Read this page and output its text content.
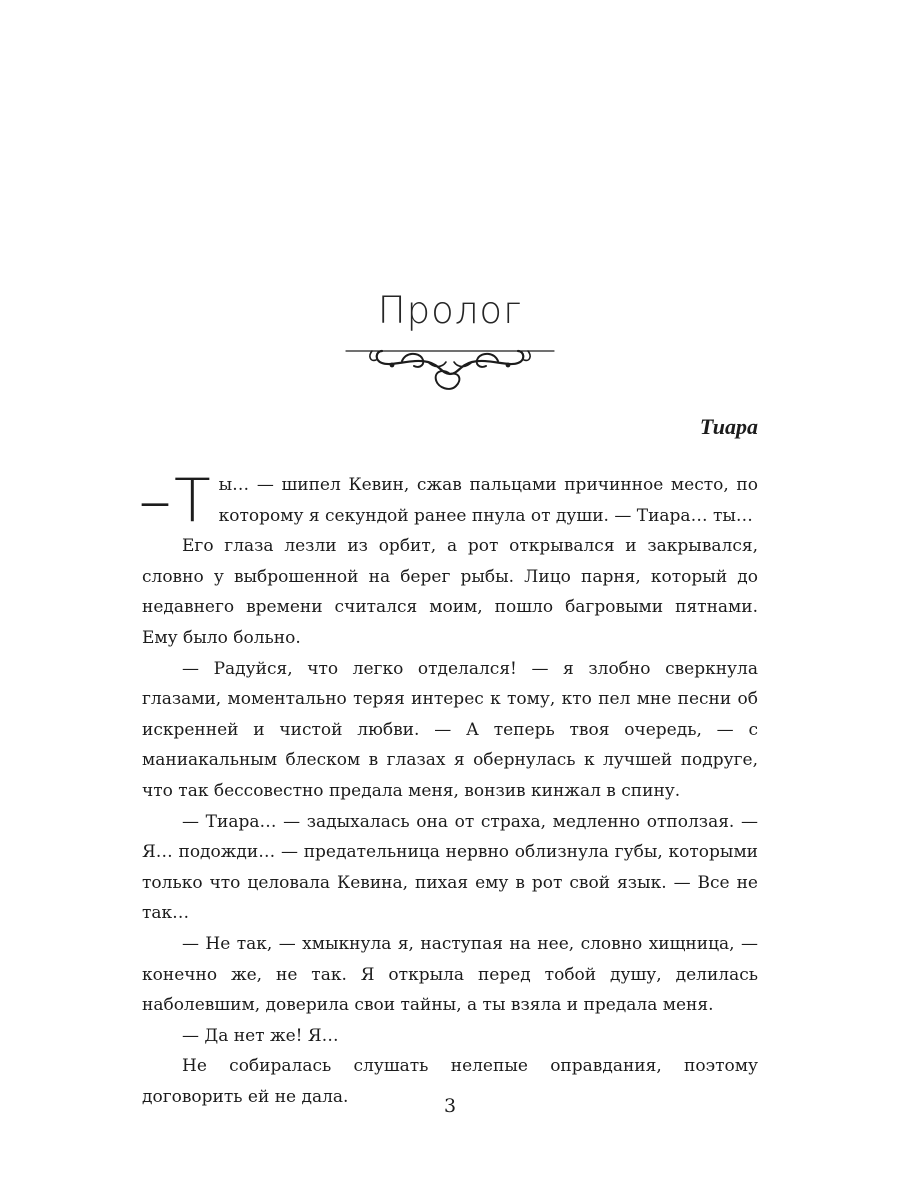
Пролог

Тиара

– Т ы… — шипел Кевин, сжав пальцами причинное место, по которому я секундой ранее пнула от души. — Тиара… ты…

Его глаза лезли из орбит, а рот открывался и закрывался, словно у выброшенной на берег рыбы. Лицо парня, который до недавнего времени считался моим, пошло багровыми пятнами. Ему было больно.

— Радуйся, что легко отделался! — я злобно сверкнула глазами, моментально теряя интерес к тому, кто пел мне песни об искренней и чистой любви. — А теперь твоя очередь, — с маниакальным блеском в глазах я обернулась к лучшей подруге, что так бессовестно предала меня, вонзив кинжал в спину.

— Тиара… — задыхалась она от страха, медленно отползая. — Я… подожди… — предательница нервно облизнула губы, которыми только что целовала Кевина, пихая ему в рот свой язык. — Все не так…

— Не так, — хмыкнула я, наступая на нее, словно хищница, — конечно же, не так. Я открыла перед тобой душу, делилась наболевшим, доверила свои тайны, а ты взяла и предала меня.

— Да нет же! Я…

Не собиралась слушать нелепые оправдания, поэтому договорить ей не дала.	3
